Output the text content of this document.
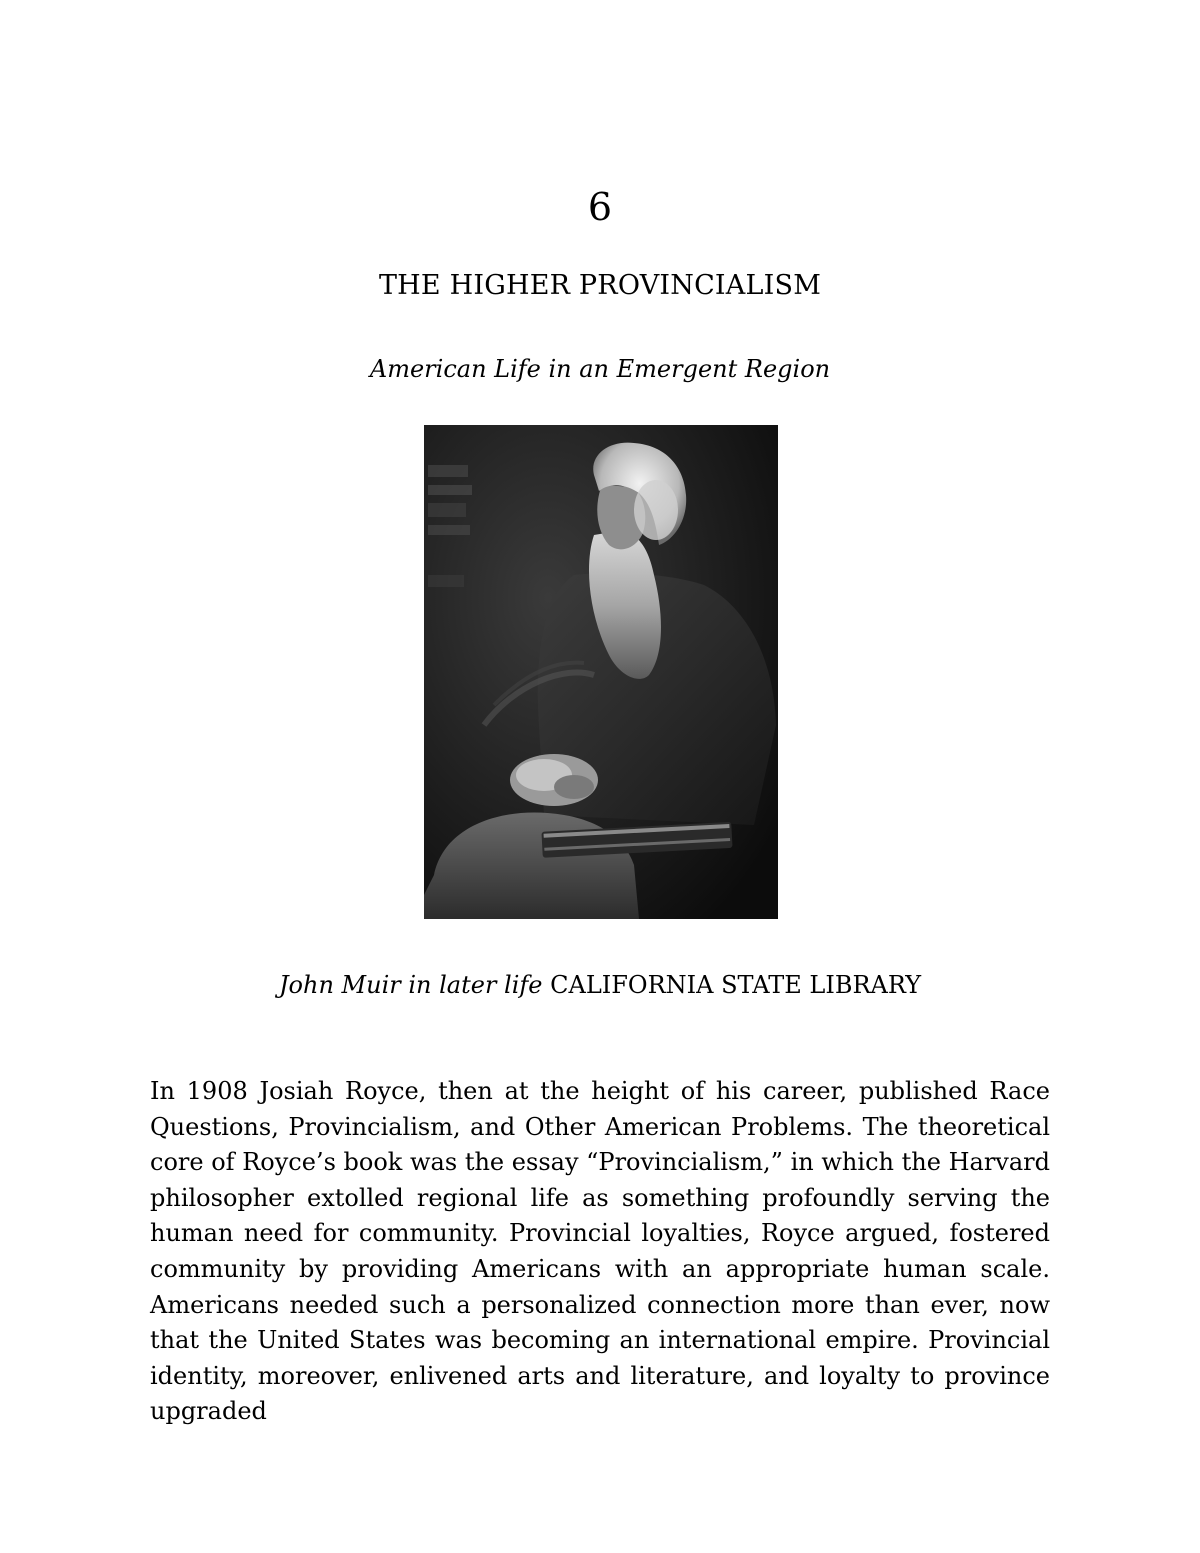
6
THE HIGHER PROVINCIALISM
American Life in an Emergent Region
John Muir in later life CALIFORNIA STATE LIBRARY

In 1908 Josiah Royce, then at the height of his career, published Race Questions, Provincialism, and Other American Problems. The theoretical core of Royce’s book was the essay “Provincialism,” in which the Harvard philosopher extolled regional life as something profoundly serving the human need for community. Provincial loyalties, Royce argued, fostered community by providing Americans with an appropriate human scale. Americans needed such a personalized connection more than ever, now that the United States was becoming an international empire. Provincial identity, moreover, enlivened arts and literature, and loyalty to province upgraded
